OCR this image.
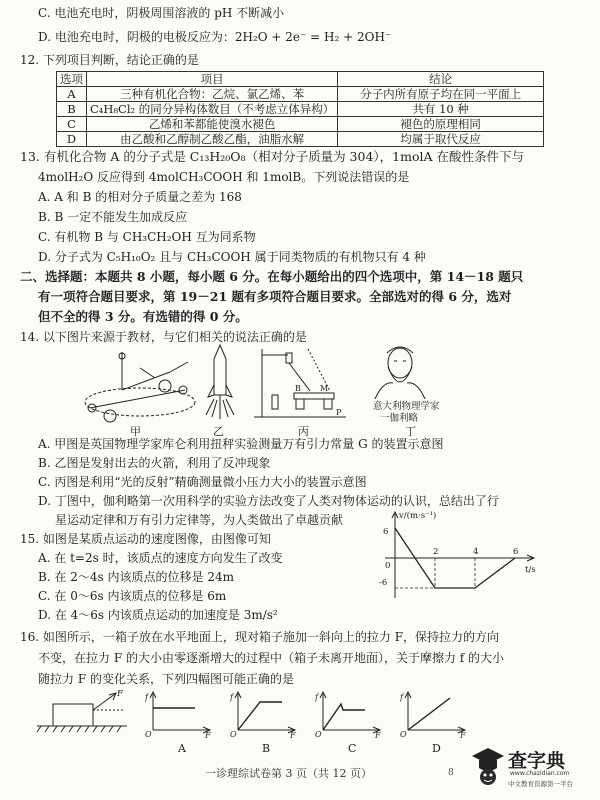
C. 电池充电时，阴极周围溶液的 pH 不断减小
D. 电池充电时，阴极的电极反应为：2H₂O + 2e⁻ = H₂ + 2OH⁻
12. 下列项目判断，结论正确的是
选项	项目	结论
A	三种有机化合物：乙烷、氯乙烯、苯	分子内所有原子均在同一平面上
B	C₄H₈Cl₂ 的同分异构体数目（不考虑立体异构）	共有 10 种
C	乙烯和苯都能使溴水褪色	褪色的原理相同
D	由乙酸和乙醇制乙酸乙酯，油脂水解	均属于取代反应
13. 有机化合物 A 的分子式是 C₁₃H₂₀O₈（相对分子质量为 304），1molA 在酸性条件下与
4molH₂O 反应得到 4molCH₃COOH 和 1molB。下列说法错误的是
A. A 和 B 的相对分子质量之差为 168
B. B 一定不能发生加成反应
C. 有机物 B 与 CH₃CH₂OH 互为同系物
D. 分子式为 C₅H₁₀O₂ 且与 CH₃COOH 属于同类物质的有机物只有 4 种
二、选择题：本题共 8 小题，每小题 6 分。在每小题给出的四个选项中，第 14－18 题只
有一项符合题目要求，第 19－21 题有多项符合题目要求。全部选对的得 6 分，选对
但不全的得 3 分。有选错的得 0 分。
14. 以下图片来源于教材，与它们相关的说法正确的是
甲	乙
B M
P
丙
意大利物理学家
一伽利略
丁
A. 甲图是英国物理学家库仑利用扭秤实验测量万有引力常量 G 的装置示意图
B. 乙图是发射出去的火箭，利用了反冲现象
C. 丙图是利用“光的反射”精确测量微小压力大小的装置示意图
D. 丁图中，伽利略第一次用科学的实验方法改变了人类对物体运动的认识，总结出了行
星运动定律和万有引力定律等，为人类做出了卓越贡献
15. 如图是某质点运动的速度图像，由图像可知
A. 在 t=2s 时，该质点的速度方向发生了改变
B. 在 2～4s 内该质点的位移是 24m
C. 在 0～6s 内该质点的位移是 6m
D. 在 4～6s 内该质点运动的加速度是 3m/s²
v/(m·s⁻¹)
t/s
0
6
-6
2	4	6
16. 如图所示，一箱子放在水平地面上，现对箱子施加一斜向上的拉力 F，保持拉力的方向
不变，在拉力 F 的大小由零逐渐增大的过程中（箱子未离开地面），关于摩擦力 f 的大小
随拉力 F 的变化关系，下列四幅图可能正确的是
F	f
O	F
A
f
O	F
B
f
O	F
C
f
O	F
D
一诊理综试卷第 3 页（共 12 页）	8
查字典
www.chazidian.com
中文教育资源第一平台
